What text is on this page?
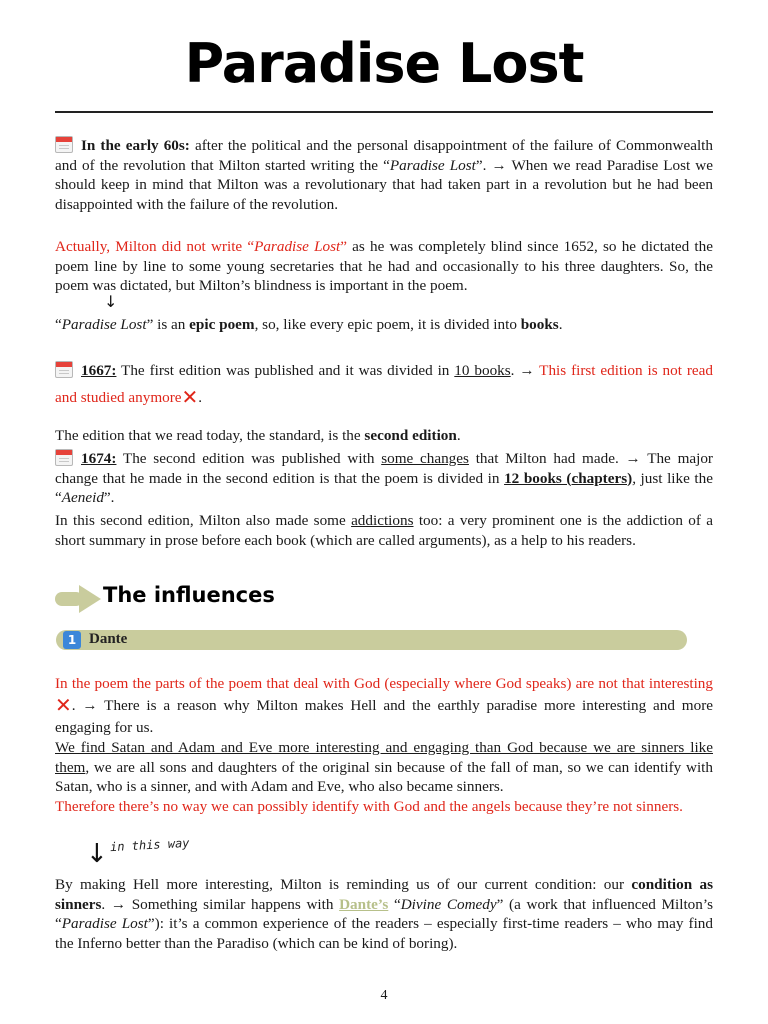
Paradise Lost
In the early 60s: after the political and the personal disappointment of the failure of Commonwealth and of the revolution that Milton started writing the “Paradise Lost”. → When we read Paradise Lost we should keep in mind that Milton was a revolutionary that had taken part in a revolution but he had been disappointed with the failure of the revolution.
Actually, Milton did not write “Paradise Lost” as he was completely blind since 1652, so he dictated the poem line by line to some young secretaries that he had and occasionally to his three daughters. So, the poem was dictated, but Milton’s blindness is important in the poem.
↓
“Paradise Lost” is an epic poem, so, like every epic poem, it is divided into books.
1667: The first edition was published and it was divided in 10 books. → This first edition is not read and studied anymore✕.
The edition that we read today, the standard, is the second edition.
1674: The second edition was published with some changes that Milton had made. → The major change that he made in the second edition is that the poem is divided in 12 books (chapters), just like the “Aeneid”.
In this second edition, Milton also made some addictions too: a very prominent one is the addiction of a short summary in prose before each book (which are called arguments), as a help to his readers.
The influences
1 Dante
In the poem the parts of the poem that deal with God (especially where God speaks) are not that interesting ✕. → There is a reason why Milton makes Hell and the earthly paradise more interesting and more engaging for us.
We find Satan and Adam and Eve more interesting and engaging than God because we are sinners like them, we are all sons and daughters of the original sin because of the fall of man, so we can identify with Satan, who is a sinner, and with Adam and Eve, who also became sinners.
Therefore there’s no way we can possibly identify with God and the angels because they’re not sinners.
↓ in this way
By making Hell more interesting, Milton is reminding us of our current condition: our condition as sinners. → Something similar happens with Dante’s “Divine Comedy” (a work that influenced Milton’s “Paradise Lost”): it’s a common experience of the readers – especially first-time readers – who may find the Inferno better than the Paradiso (which can be kind of boring).
4
